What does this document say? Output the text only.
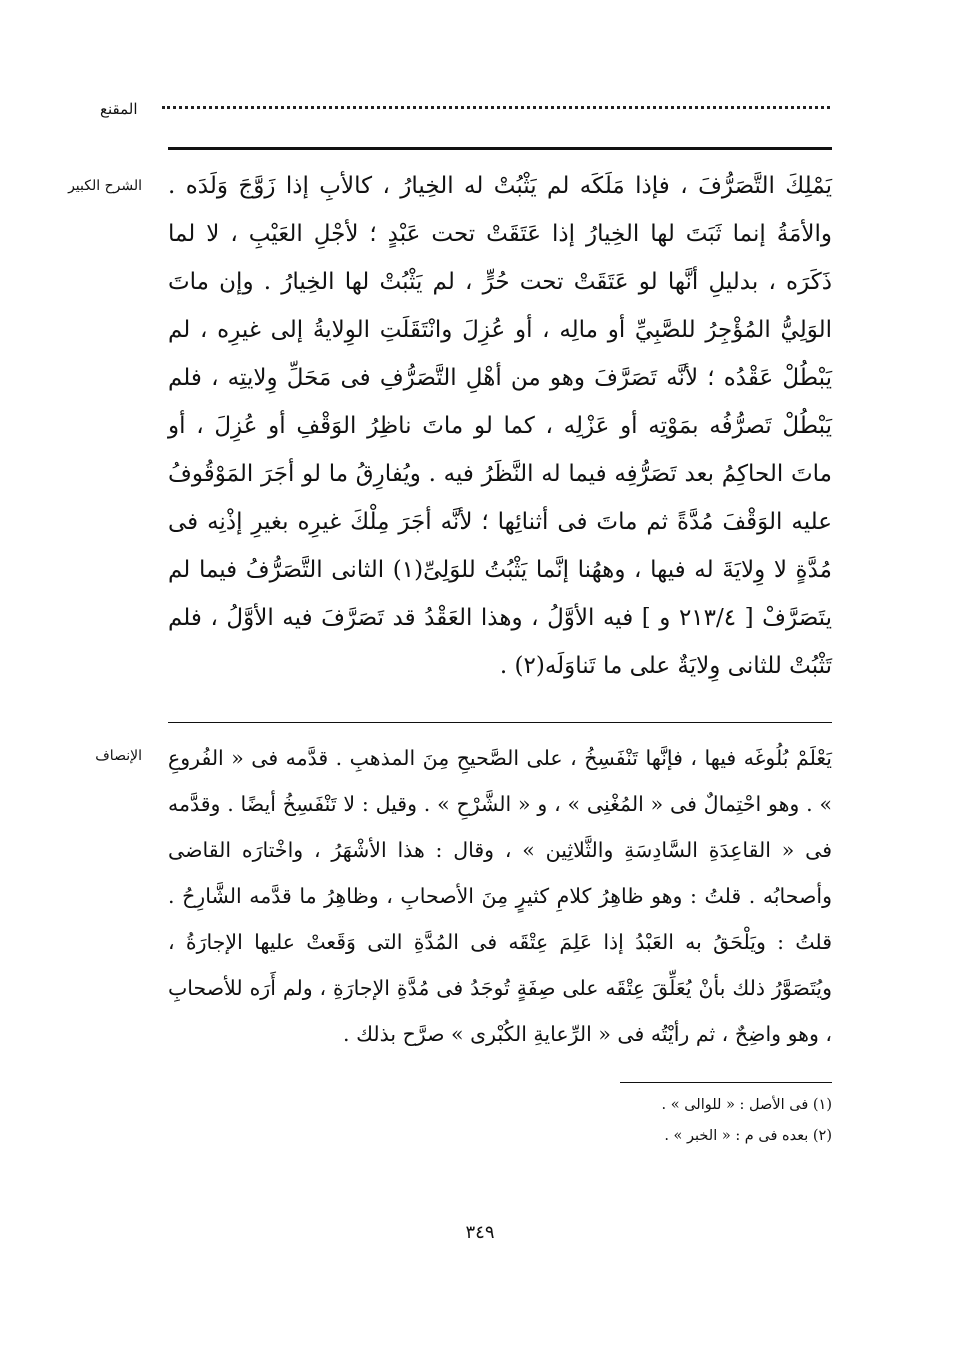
المقنع
الشرح الكبير يَمْلِكَ التَّصَرُّفَ ، فإذا مَلَكَه لم يَثْبُتْ له الخِيارُ ، كالأبِ إذا زَوَّجَ وَلَدَه . والأمَةُ إنما ثَبَتَ لها الخِيارُ إذا عَتَقَتْ تحت عَبْدٍ ؛ لأجْلِ العَيْبِ ، لا لما ذَكَرَه ، بدليلِ أنَّها لو عَتَقَتْ تحت حُرٍّ ، لم يَثْبُتْ لها الخِيارُ . وإن ماتَ الوَلِيُّ المُؤْجِرُ للصَّبِيِّ أو مالِه ، أو عُزِلَ وانْتَقَلَتِ الوِلايةُ إلى غيرِه ، لم يَبْطُلْ عَقْدُه ؛ لأنَّه تَصَرَّفَ وهو من أهْلِ التَّصَرُّفِ فى مَحَلِّ وِلايتِه ، فلم يَبْطُلْ تَصرُّفُه بمَوْتِه أو عَزْلِه ، كما لو ماتَ ناظِرُ الوَقْفِ أو عُزِلَ ، أو ماتَ الحاكِمُ بعد تَصَرُّفِه فيما له النَّظَرُ فيه . ويُفارِقُ ما لو أجَرَ المَوْقُوفُ عليه الوَقْفَ مُدَّةً ثم ماتَ فى أثنائِها ؛ لأنَّه أجَرَ مِلْكَ غيرِه بغيرِ إذْنِه فى مُدَّةٍ لا وِلايَةَ له فيها ، وههُنا إنَّما يَثْبُتُ للوَلِىِّ(١) الثانى التَّصَرُّفُ فيما لم يتَصَرَّفْ [ ٢١٣/٤ و ] فيه الأوَّلُ ، وهذا العَقْدُ قد تَصَرَّفَ فيه الأوَّلُ ، فلم تَثْبُتْ للثانى وِلايَةٌ على ما تَناوَلَه(٢) .

الإنصاف يَعْلَمْ بُلُوغَه فيها ، فإنَّها تَنْفَسِخُ ، على الصَّحيحِ مِنَ المذهبِ . قدَّمه فى « الفُروعِ » . وهو احْتِمالٌ فى « المُغْنِى » ، و « الشَّرْحِ » . وقيل : لا تَنْفَسِخُ أيضًا . وقدَّمه فى « القاعِدَةِ السَّادِسَةِ والثَّلاثِين » ، وقال : هذا الأشْهَرُ ، واخْتارَه القاضى وأصحابُه . قلتُ : وهو ظاهِرُ كلامِ كثيرٍ مِنَ الأصحابِ ، وظاهِرُ ما قدَّمه الشَّارِحُ . قلتُ : ويَلْحَقُ به العَبْدُ إذا عَلِمَ عِتْقَه فى المُدَّةِ التى وَقَعتْ عليها الإجارَةُ ، ويُتَصَوَّرُ ذلك بأنْ يُعَلِّقَ عِتْقَه على صِفَةٍ تُوجَدُ فى مُدَّةِ الإجارَةِ ، ولم أَرَه للأصحابِ ، وهو واضِحٌ ، ثم رأيْتُه فى « الرِّعايةِ الكُبْرى » صرَّح بذلك .

(١) فى الأصل : « للوالى » .
(٢) بعده فى م : « الخبر » .
٣٤٩
